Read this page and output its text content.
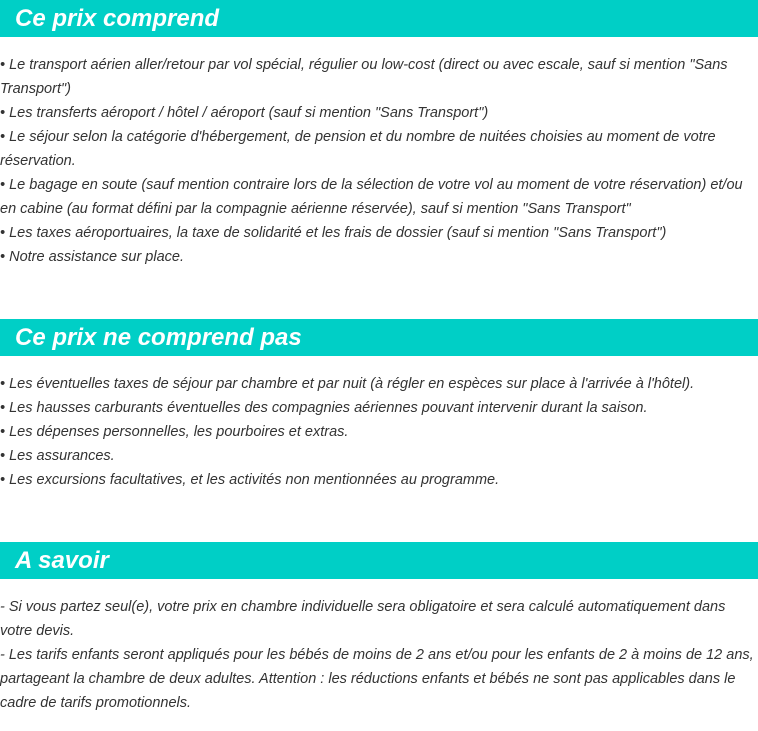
Ce prix comprend
• Le transport aérien aller/retour par vol spécial, régulier ou low-cost (direct ou avec escale, sauf si mention "Sans Transport")
• Les transferts aéroport / hôtel / aéroport (sauf si mention "Sans Transport")
• Le séjour selon la catégorie d'hébergement, de pension et du nombre de nuitées choisies au moment de votre réservation.
• Le bagage en soute (sauf mention contraire lors de la sélection de votre vol au moment de votre réservation) et/ou en cabine (au format défini par la compagnie aérienne réservée), sauf si mention "Sans Transport"
• Les taxes aéroportuaires, la taxe de solidarité et les frais de dossier (sauf si mention "Sans Transport")
• Notre assistance sur place.
Ce prix ne comprend pas
• Les éventuelles taxes de séjour par chambre et par nuit (à régler en espèces sur place à l'arrivée à l'hôtel).
• Les hausses carburants éventuelles des compagnies aériennes pouvant intervenir durant la saison.
• Les dépenses personnelles, les pourboires et extras.
• Les assurances.
• Les excursions facultatives, et les activités non mentionnées au programme.
A savoir
- Si vous partez seul(e), votre prix en chambre individuelle sera obligatoire et sera calculé automatiquement dans votre devis.
- Les tarifs enfants seront appliqués pour les bébés de moins de 2 ans et/ou pour les enfants de 2 à moins de 12 ans, partageant la chambre de deux adultes. Attention : les réductions enfants et bébés ne sont pas applicables dans le cadre de tarifs promotionnels.
